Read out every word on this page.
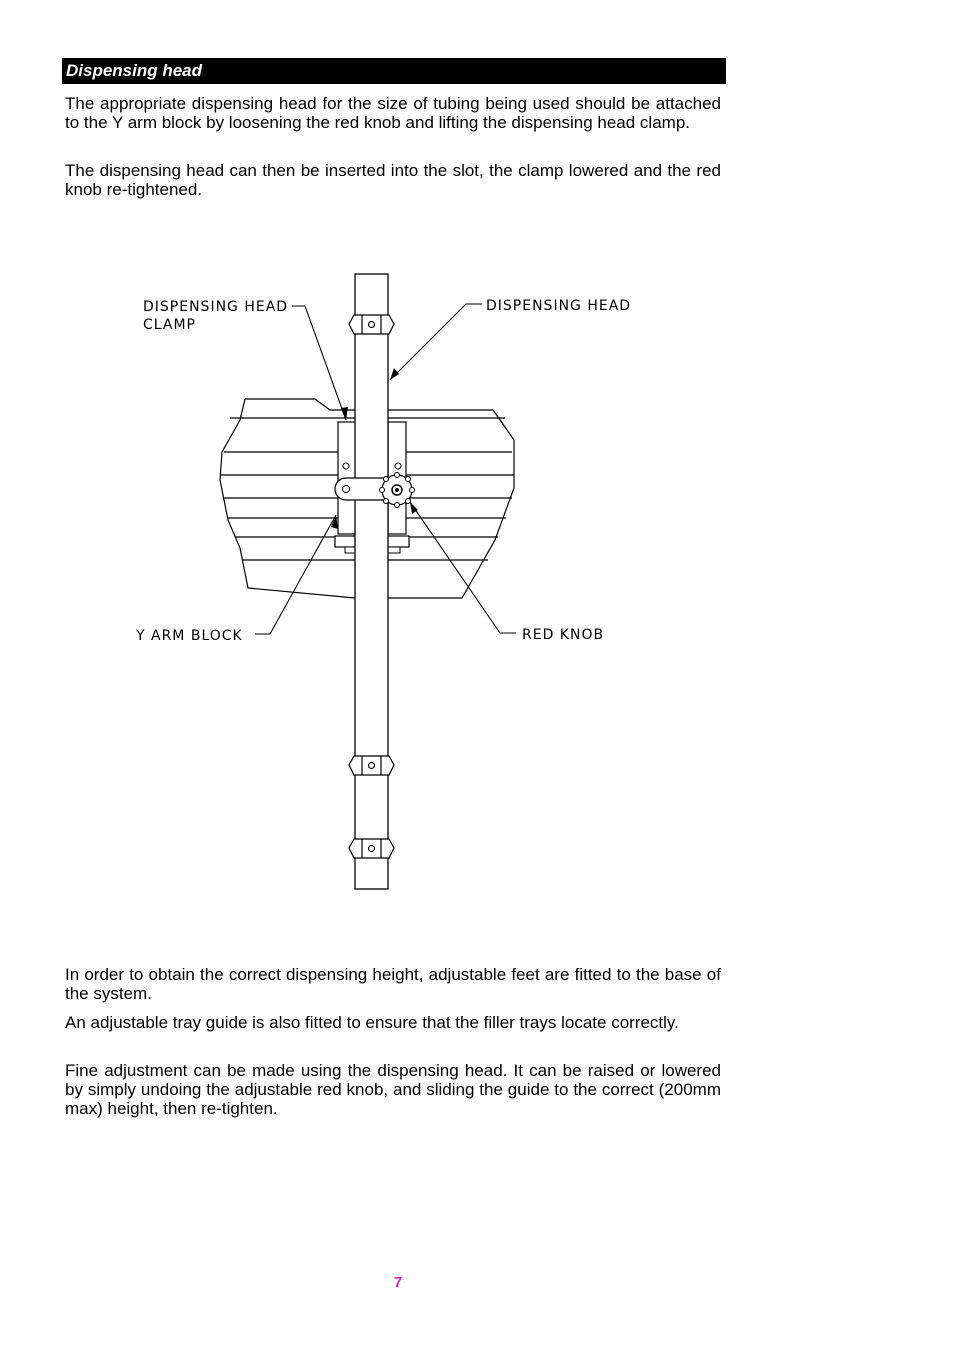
Dispensing head

The appropriate dispensing head for the size of tubing being used should be attached to the Y arm block by loosening the red knob and lifting the dispensing head clamp.

The dispensing head can then be inserted into the slot, the clamp lowered and the red knob re-tightened.

DISPENSING HEAD
CLAMP
DISPENSING HEAD
Y ARM BLOCK	RED KNOB

In order to obtain the correct dispensing height, adjustable feet are fitted to the base of the system.

An adjustable tray guide is also fitted to ensure that the filler trays locate correctly.

Fine adjustment can be made using the dispensing head. It can be raised or lowered by simply undoing the adjustable red knob, and sliding the guide to the correct (200mm max) height, then re-tighten.

7
